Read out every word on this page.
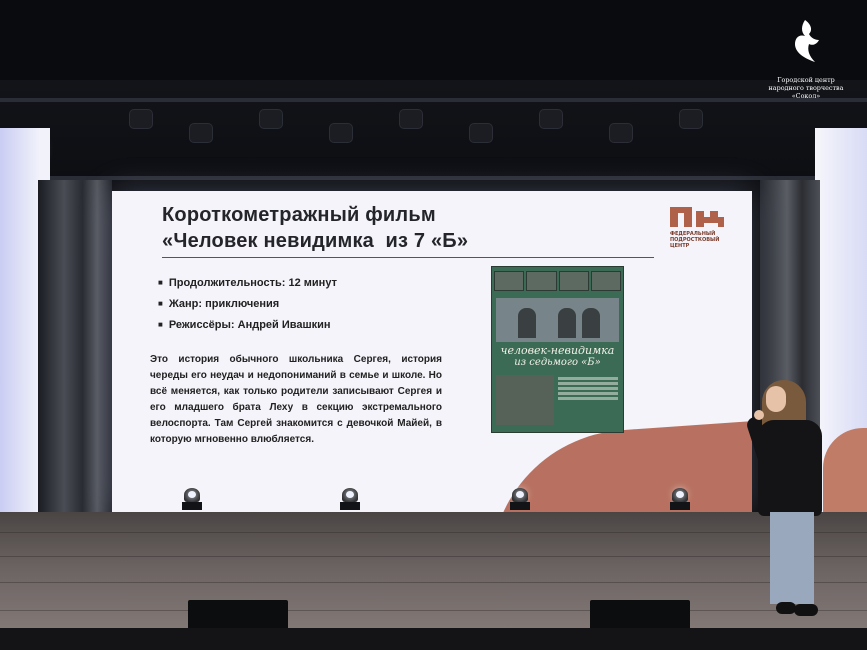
Короткометражный фильм
«Человек невидимка  из 7 «Б»	ФЕДЕРАЛЬНЫЙ ПОДРОСТКОВЫЙ ЦЕНТР
■ Продолжительность: 12 минут
■ Жанр: приключения
■ Режиссёры: Андрей Ивашкин
Это история обычного школьника Сергея, история череды его неудач и недопониманий в семье и школе. Но всё меняется, как только родители записывают Сергея и его младшего брата Леху в секцию экстремального велоспорта. Там Сергей знакомится с девочкой Майей, в которую мгновенно влюбляется.
человек-невидимка
из седьмого «Б»
Городской центр
народного творчества
«Сокол»
